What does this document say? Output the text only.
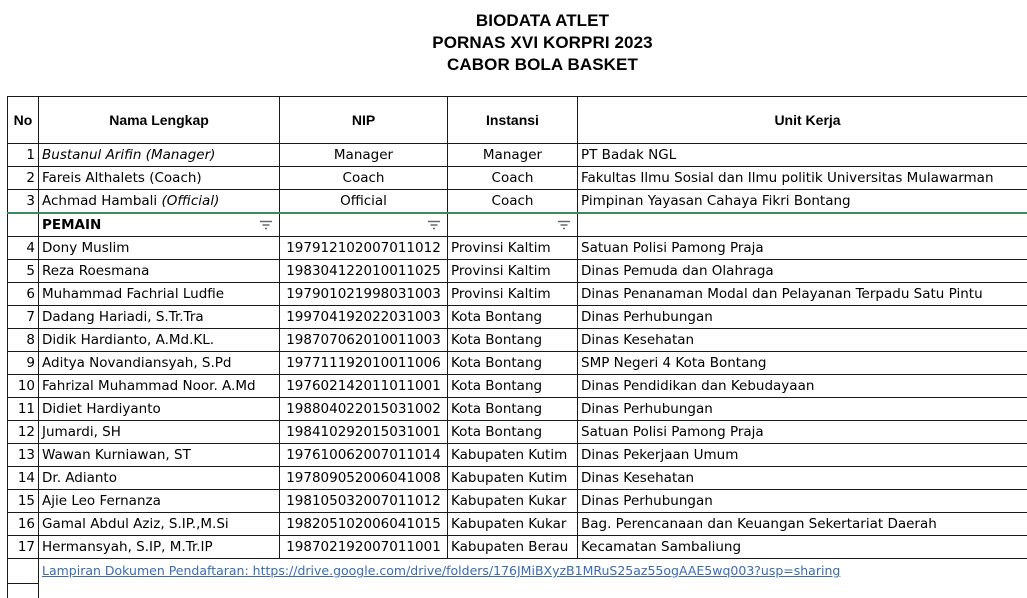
BIODATA ATLET
PORNAS XVI KORPRI 2023
CABOR BOLA BASKET
No	Nama Lengkap	NIP	Instansi	Unit Kerja
1	Bustanul Arifin (Manager)	Manager	Manager	PT Badak NGL
2	Fareis Althalets (Coach)	Coach	Coach	Fakultas Ilmu Sosial dan Ilmu politik Universitas Mulawarman
3	Achmad Hambali (Official)	Official	Coach	Pimpinan Yayasan Cahaya Fikri Bontang
	PEMAIN

4	Dony Muslim	197912102007011012	Provinsi Kaltim	Satuan Polisi Pamong Praja
5	Reza Roesmana	198304122010011025	Provinsi Kaltim	Dinas Pemuda dan Olahraga
6	Muhammad Fachrial Ludfie	197901021998031003	Provinsi Kaltim	Dinas Penanaman Modal dan Pelayanan Terpadu Satu Pintu
7	Dadang Hariadi, S.Tr.Tra	199704192022031003	Kota Bontang	Dinas Perhubungan
8	Didik Hardianto, A.Md.KL.	198707062010011003	Kota Bontang	Dinas Kesehatan
9	Aditya Novandiansyah, S.Pd	197711192010011006	Kota Bontang	SMP Negeri 4 Kota Bontang
10	Fahrizal Muhammad Noor. A.Md	197602142011011001	Kota Bontang	Dinas Pendidikan dan Kebudayaan
11	Didiet Hardiyanto	198804022015031002	Kota Bontang	Dinas Perhubungan
12	Jumardi, SH	198410292015031001	Kota Bontang	Satuan Polisi Pamong Praja
13	Wawan Kurniawan, ST	197610062007011014	Kabupaten Kutim	Dinas Pekerjaan Umum
14	Dr. Adianto	197809052006041008	Kabupaten Kutim	Dinas Kesehatan
15	Ajie Leo Fernanza	198105032007011012	Kabupaten Kukar	Dinas Perhubungan
16	Gamal Abdul Aziz, S.IP.,M.Si	198205102006041015	Kabupaten Kukar	Bag. Perencanaan dan Keuangan Sekertariat Daerah
17	Hermansyah, S.IP, M.Tr.IP	198702192007011001	Kabupaten Berau	Kecamatan Sambaliung
	Lampiran Dokumen Pendaftaran: https://drive.google.com/drive/folders/176JMiBXyzB1MRuS25az55ogAAE5wq003?usp=sharing			
